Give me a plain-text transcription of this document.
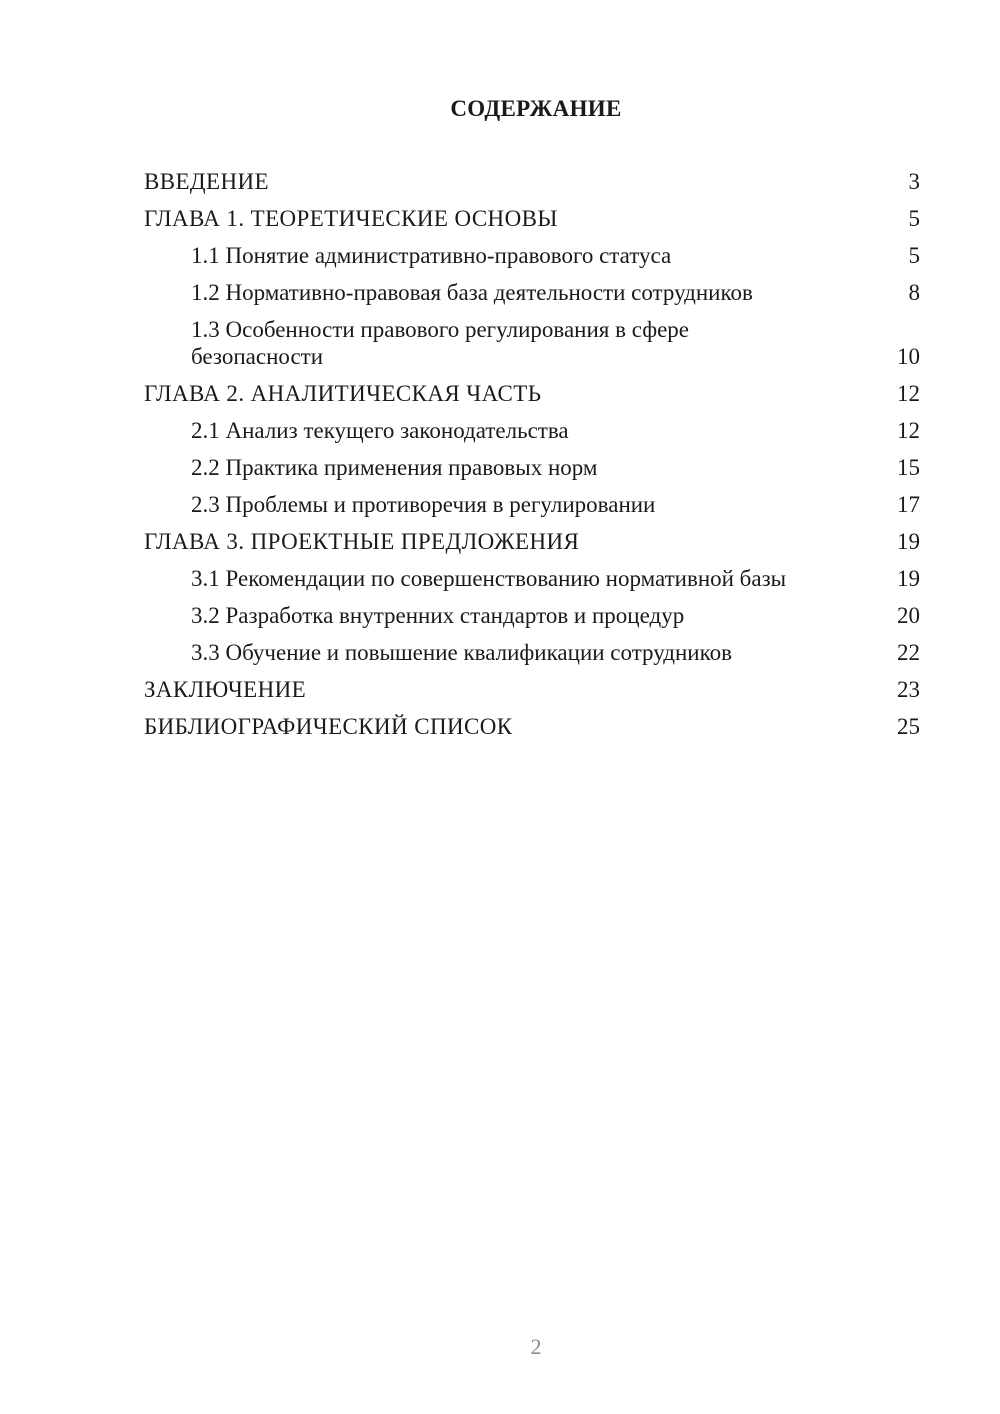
СОДЕРЖАНИЕ
ВВЕДЕНИЕ	3
ГЛАВА 1. ТЕОРЕТИЧЕСКИЕ ОСНОВЫ	5
1.1 Понятие административно-правового статуса	5
1.2 Нормативно-правовая база деятельности сотрудников	8
1.3 Особенности правового регулирования в сфере безопасности	10
ГЛАВА 2. АНАЛИТИЧЕСКАЯ ЧАСТЬ	12
2.1 Анализ текущего законодательства	12
2.2 Практика применения правовых норм	15
2.3 Проблемы и противоречия в регулировании	17
ГЛАВА 3. ПРОЕКТНЫЕ ПРЕДЛОЖЕНИЯ	19
3.1 Рекомендации по совершенствованию нормативной базы	19
3.2 Разработка внутренних стандартов и процедур	20
3.3 Обучение и повышение квалификации сотрудников	22
ЗАКЛЮЧЕНИЕ	23
БИБЛИОГРАФИЧЕСКИЙ СПИСОК	25
2
